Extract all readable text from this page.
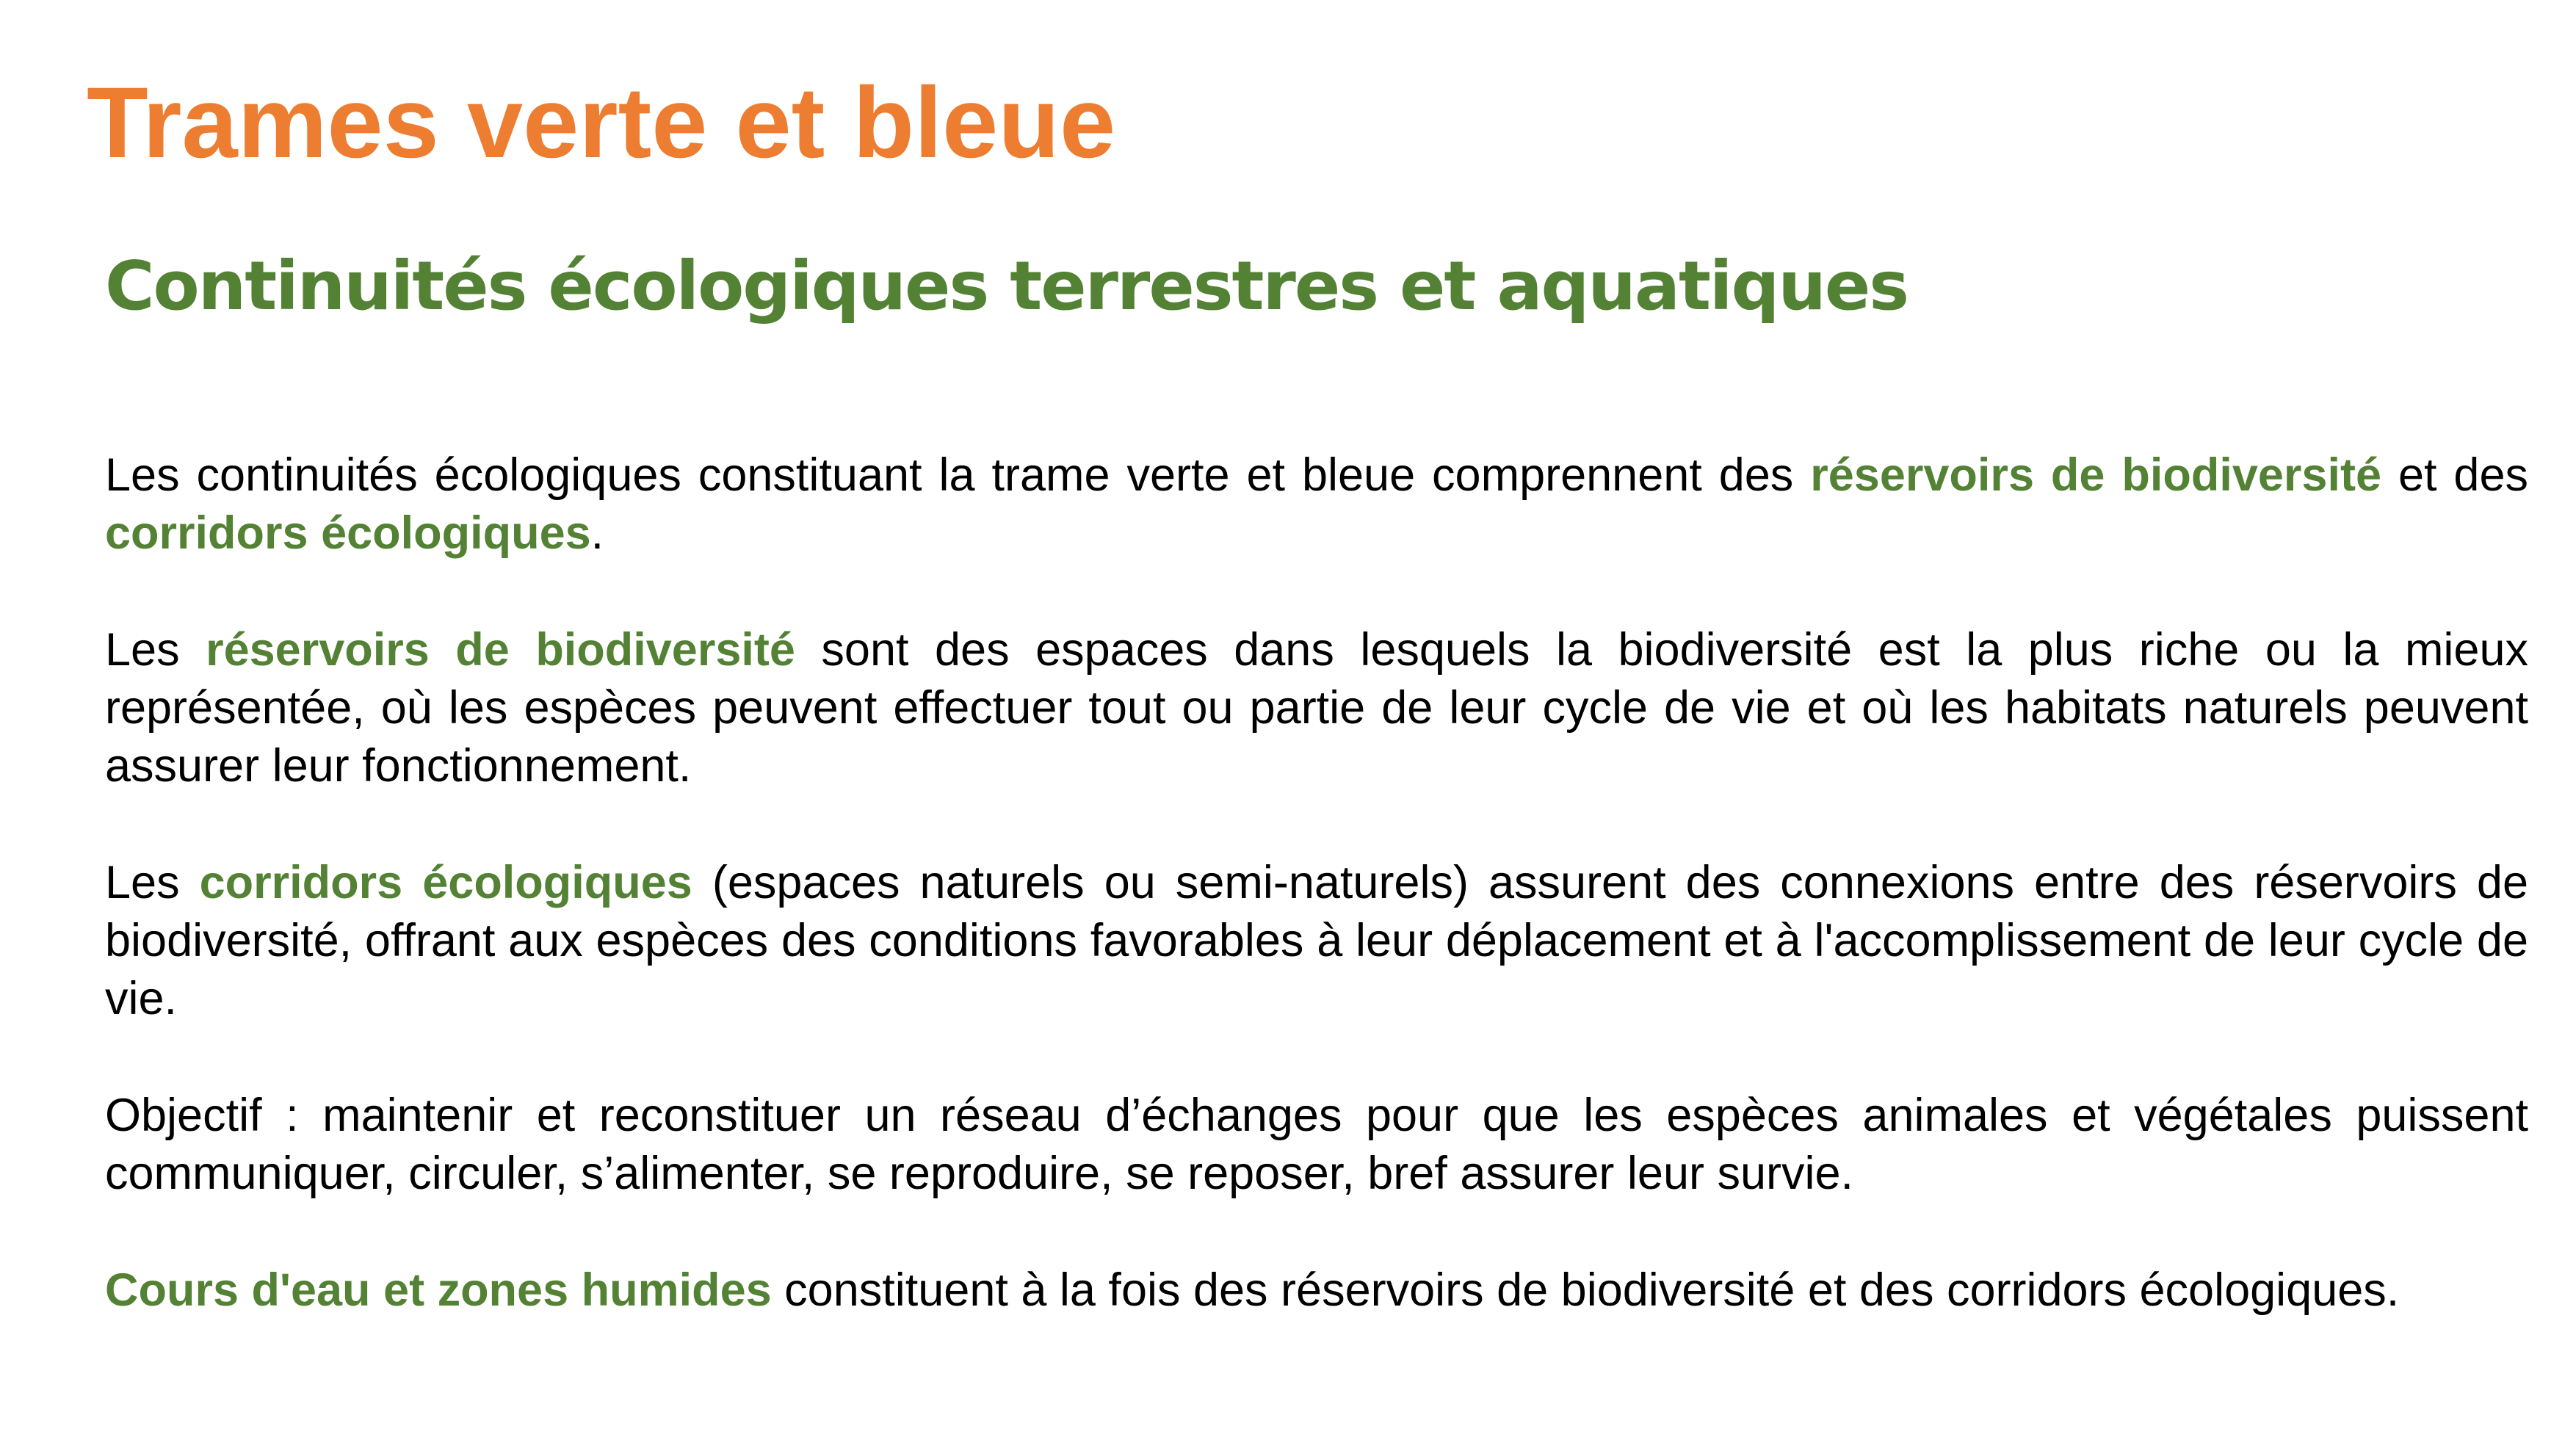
Trames verte et bleue
Continuités écologiques terrestres et aquatiques

Les continuités écologiques constituant la trame verte et bleue comprennent des réservoirs de biodiversité et des corridors écologiques.

Les réservoirs de biodiversité sont des espaces dans lesquels la biodiversité est la plus riche ou la mieux représentée, où les espèces peuvent effectuer tout ou partie de leur cycle de vie et où les habitats naturels peuvent assurer leur fonctionnement.

Les corridors écologiques (espaces naturels ou semi-naturels) assurent des connexions entre des réservoirs de biodiversité, offrant aux espèces des conditions favorables à leur déplacement et à l'accomplissement de leur cycle de vie.

Objectif : maintenir et reconstituer un réseau d’échanges pour que les espèces animales et végétales puissent communiquer, circuler, s’alimenter, se reproduire, se reposer, bref assurer leur survie.

Cours d'eau et zones humides constituent à la fois des réservoirs de biodiversité et des corridors écologiques.
